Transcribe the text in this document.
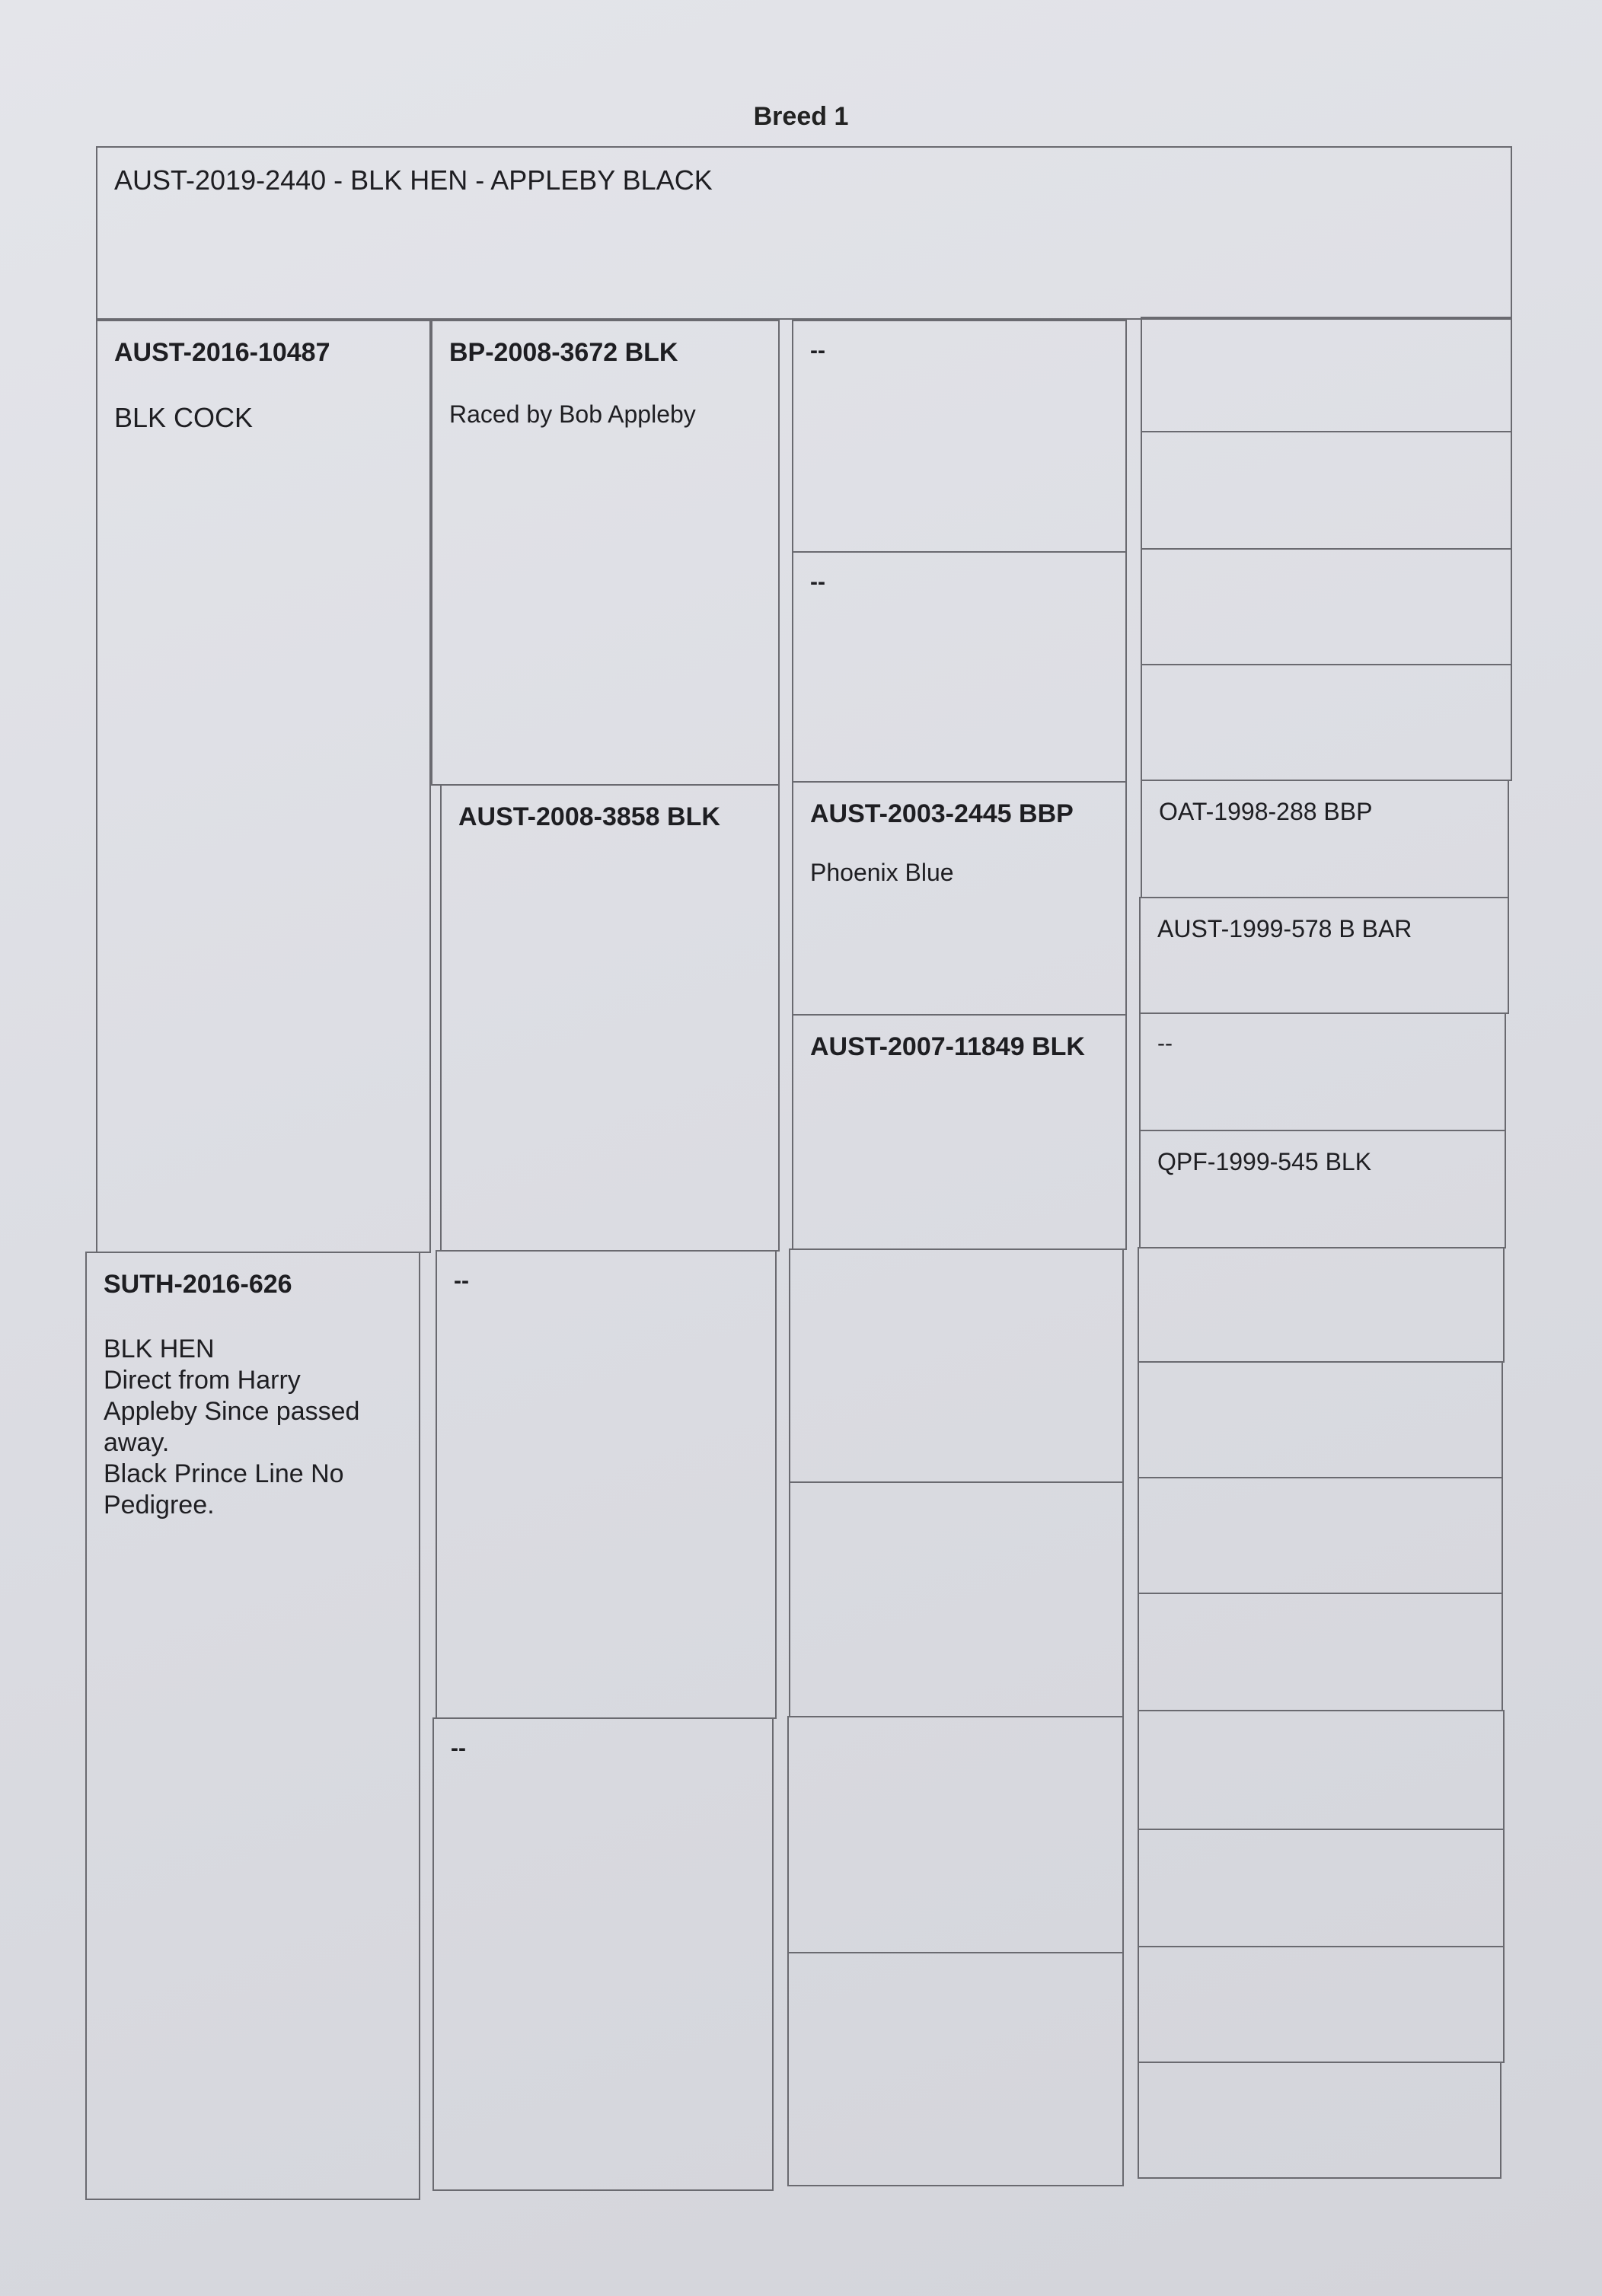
Breed 1
AUST-2019-2440 - BLK HEN - APPLEBY BLACK
AUST-2016-10487
BLK COCK
SUTH-2016-626
BLK HEN
Direct from Harry
Appleby Since passed
away.
Black Prince Line No
Pedigree.
BP-2008-3672 BLK
Raced by Bob Appleby
AUST-2008-3858 BLK
--
--
--
--
AUST-2003-2445 BBP
Phoenix Blue
AUST-2007-11849 BLK
OAT-1998-288 BBP
AUST-1999-578 B BAR
--
QPF-1999-545 BLK
